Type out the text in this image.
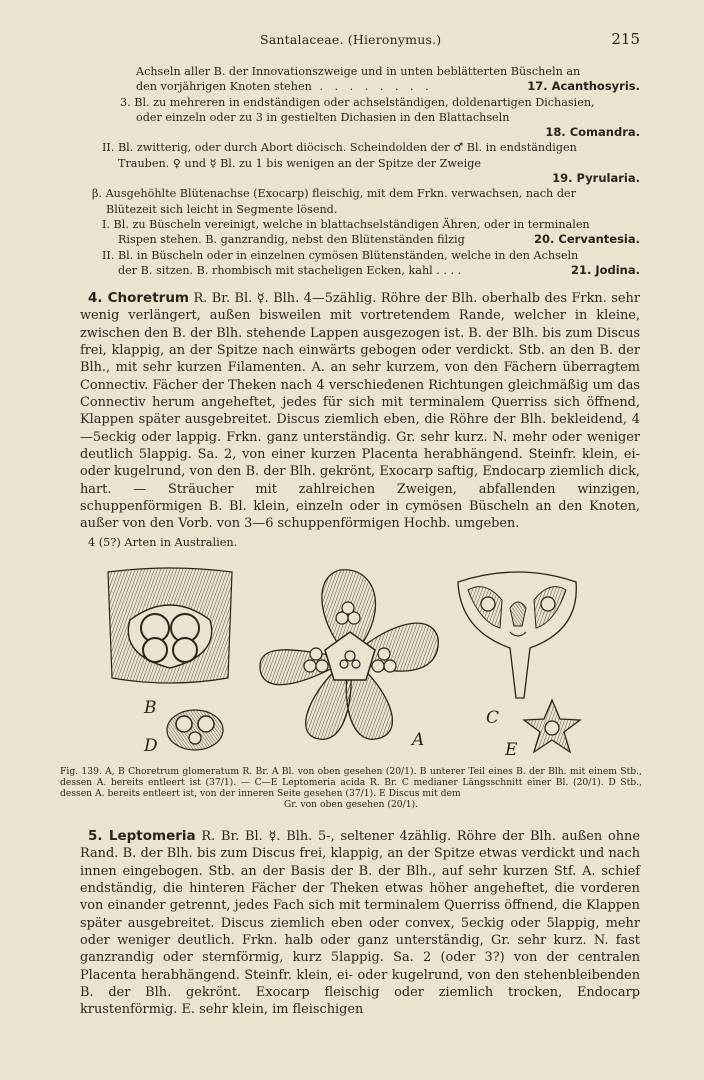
Santalaceae. (Hieronymus.)	215
Achseln aller B. der Innovationszweige und in unten beblätterten Büscheln an
den vorjährigen Knoten stehen . . . . . . . .	17. Acanthosyris.
3. Bl. zu mehreren in endständigen oder achselständigen, doldenartigen Dichasien,
oder einzeln oder zu 3 in gestielten Dichasien in den Blattachseln
18. Comandra.
II. Bl. zwitterig, oder durch Abort diöcisch. Scheindolden der ♂ Bl. in endständigen
Trauben. ♀ und ☿ Bl. zu 1 bis wenigen an der Spitze der Zweige
19. Pyrularia.
β. Ausgehöhlte Blütenachse (Exocarp) fleischig, mit dem Frkn. verwachsen, nach der
Blütezeit sich leicht in Segmente lösend.
I. Bl. zu Büscheln vereinigt, welche in blattachselständigen Ähren, oder in terminalen
Rispen stehen. B. ganzrandig, nebst den Blütenständen filzig	20. Cervantesia.
II. Bl. in Büscheln oder in einzelnen cymösen Blütenständen, welche in den Achseln
der B. sitzen. B. rhombisch mit stacheligen Ecken, kahl . . . .	21. Jodina.

4. Choretrum R. Br. Bl. ☿. Blh. 4—5zählig. Röhre der Blh. oberhalb des Frkn. sehr wenig verlängert, außen bisweilen mit vortretendem Rande, welcher in kleine, zwischen den B. der Blh. stehende Lappen ausgezogen ist. B. der Blh. bis zum Discus frei, klappig, an der Spitze nach einwärts gebogen oder verdickt. Stb. an den B. der Blh., mit sehr kurzen Filamenten. A. an sehr kurzem, von den Fächern überragtem Connectiv. Fächer der Theken nach 4 verschiedenen Richtungen gleichmäßig um das Connectiv herum angeheftet, jedes für sich mit terminalem Querriss sich öffnend, Klappen später ausgebreitet. Discus ziemlich eben, die Röhre der Blh. bekleidend, 4—5eckig oder lappig. Frkn. ganz unterständig. Gr. sehr kurz. N. mehr oder weniger deutlich 5lappig. Sa. 2, von einer kurzen Placenta herabhängend. Steinfr. klein, ei- oder kugelrund, von den B. der Blh. gekrönt, Exocarp saftig, Endocarp ziemlich dick, hart. — Sträucher mit zahlreichen Zweigen, abfallenden winzigen, schuppenförmigen B. Bl. klein, einzeln oder in cymösen Büscheln an den Knoten, außer von den Vorb. von 3—6 schuppenförmigen Hochb. umgeben.

4 (5?) Arten in Australien.
B
D	A
C
E
Fig. 139. A, B Choretrum glomeratum R. Br. A Bl. von oben gesehen (20/1). B unterer Teil eines B. der Blh. mit einem Stb., dessen A. bereits entleert ist (37/1). — C—E Leptomeria acida R. Br. C medianer Längsschnitt einer Bl. (20/1). D Stb., dessen A. bereits entleert ist, von der inneren Seite gesehen (37/1). E Discus mit dem
Gr. von oben gesehen (20/1).

5. Leptomeria R. Br. Bl. ☿. Blh. 5-, seltener 4zählig. Röhre der Blh. außen ohne Rand. B. der Blh. bis zum Discus frei, klappig, an der Spitze etwas verdickt und nach innen eingebogen. Stb. an der Basis der B. der Blh., auf sehr kurzen Stf. A. schief endständig, die hinteren Fächer der Theken etwas höher angeheftet, die vorderen von einander getrennt, jedes Fach sich mit terminalem Querriss öffnend, die Klappen später ausgebreitet. Discus ziemlich eben oder convex, 5eckig oder 5lappig, mehr oder weniger deutlich. Frkn. halb oder ganz unterständig, Gr. sehr kurz. N. fast ganzrandig oder sternförmig, kurz 5lappig. Sa. 2 (oder 3?) von der centralen Placenta herabhängend. Steinfr. klein, ei- oder kugelrund, von den stehenbleibenden B. der Blh. gekrönt. Exocarp fleischig oder ziemlich trocken, Endocarp krustenförmig. E. sehr klein, im fleischigen
